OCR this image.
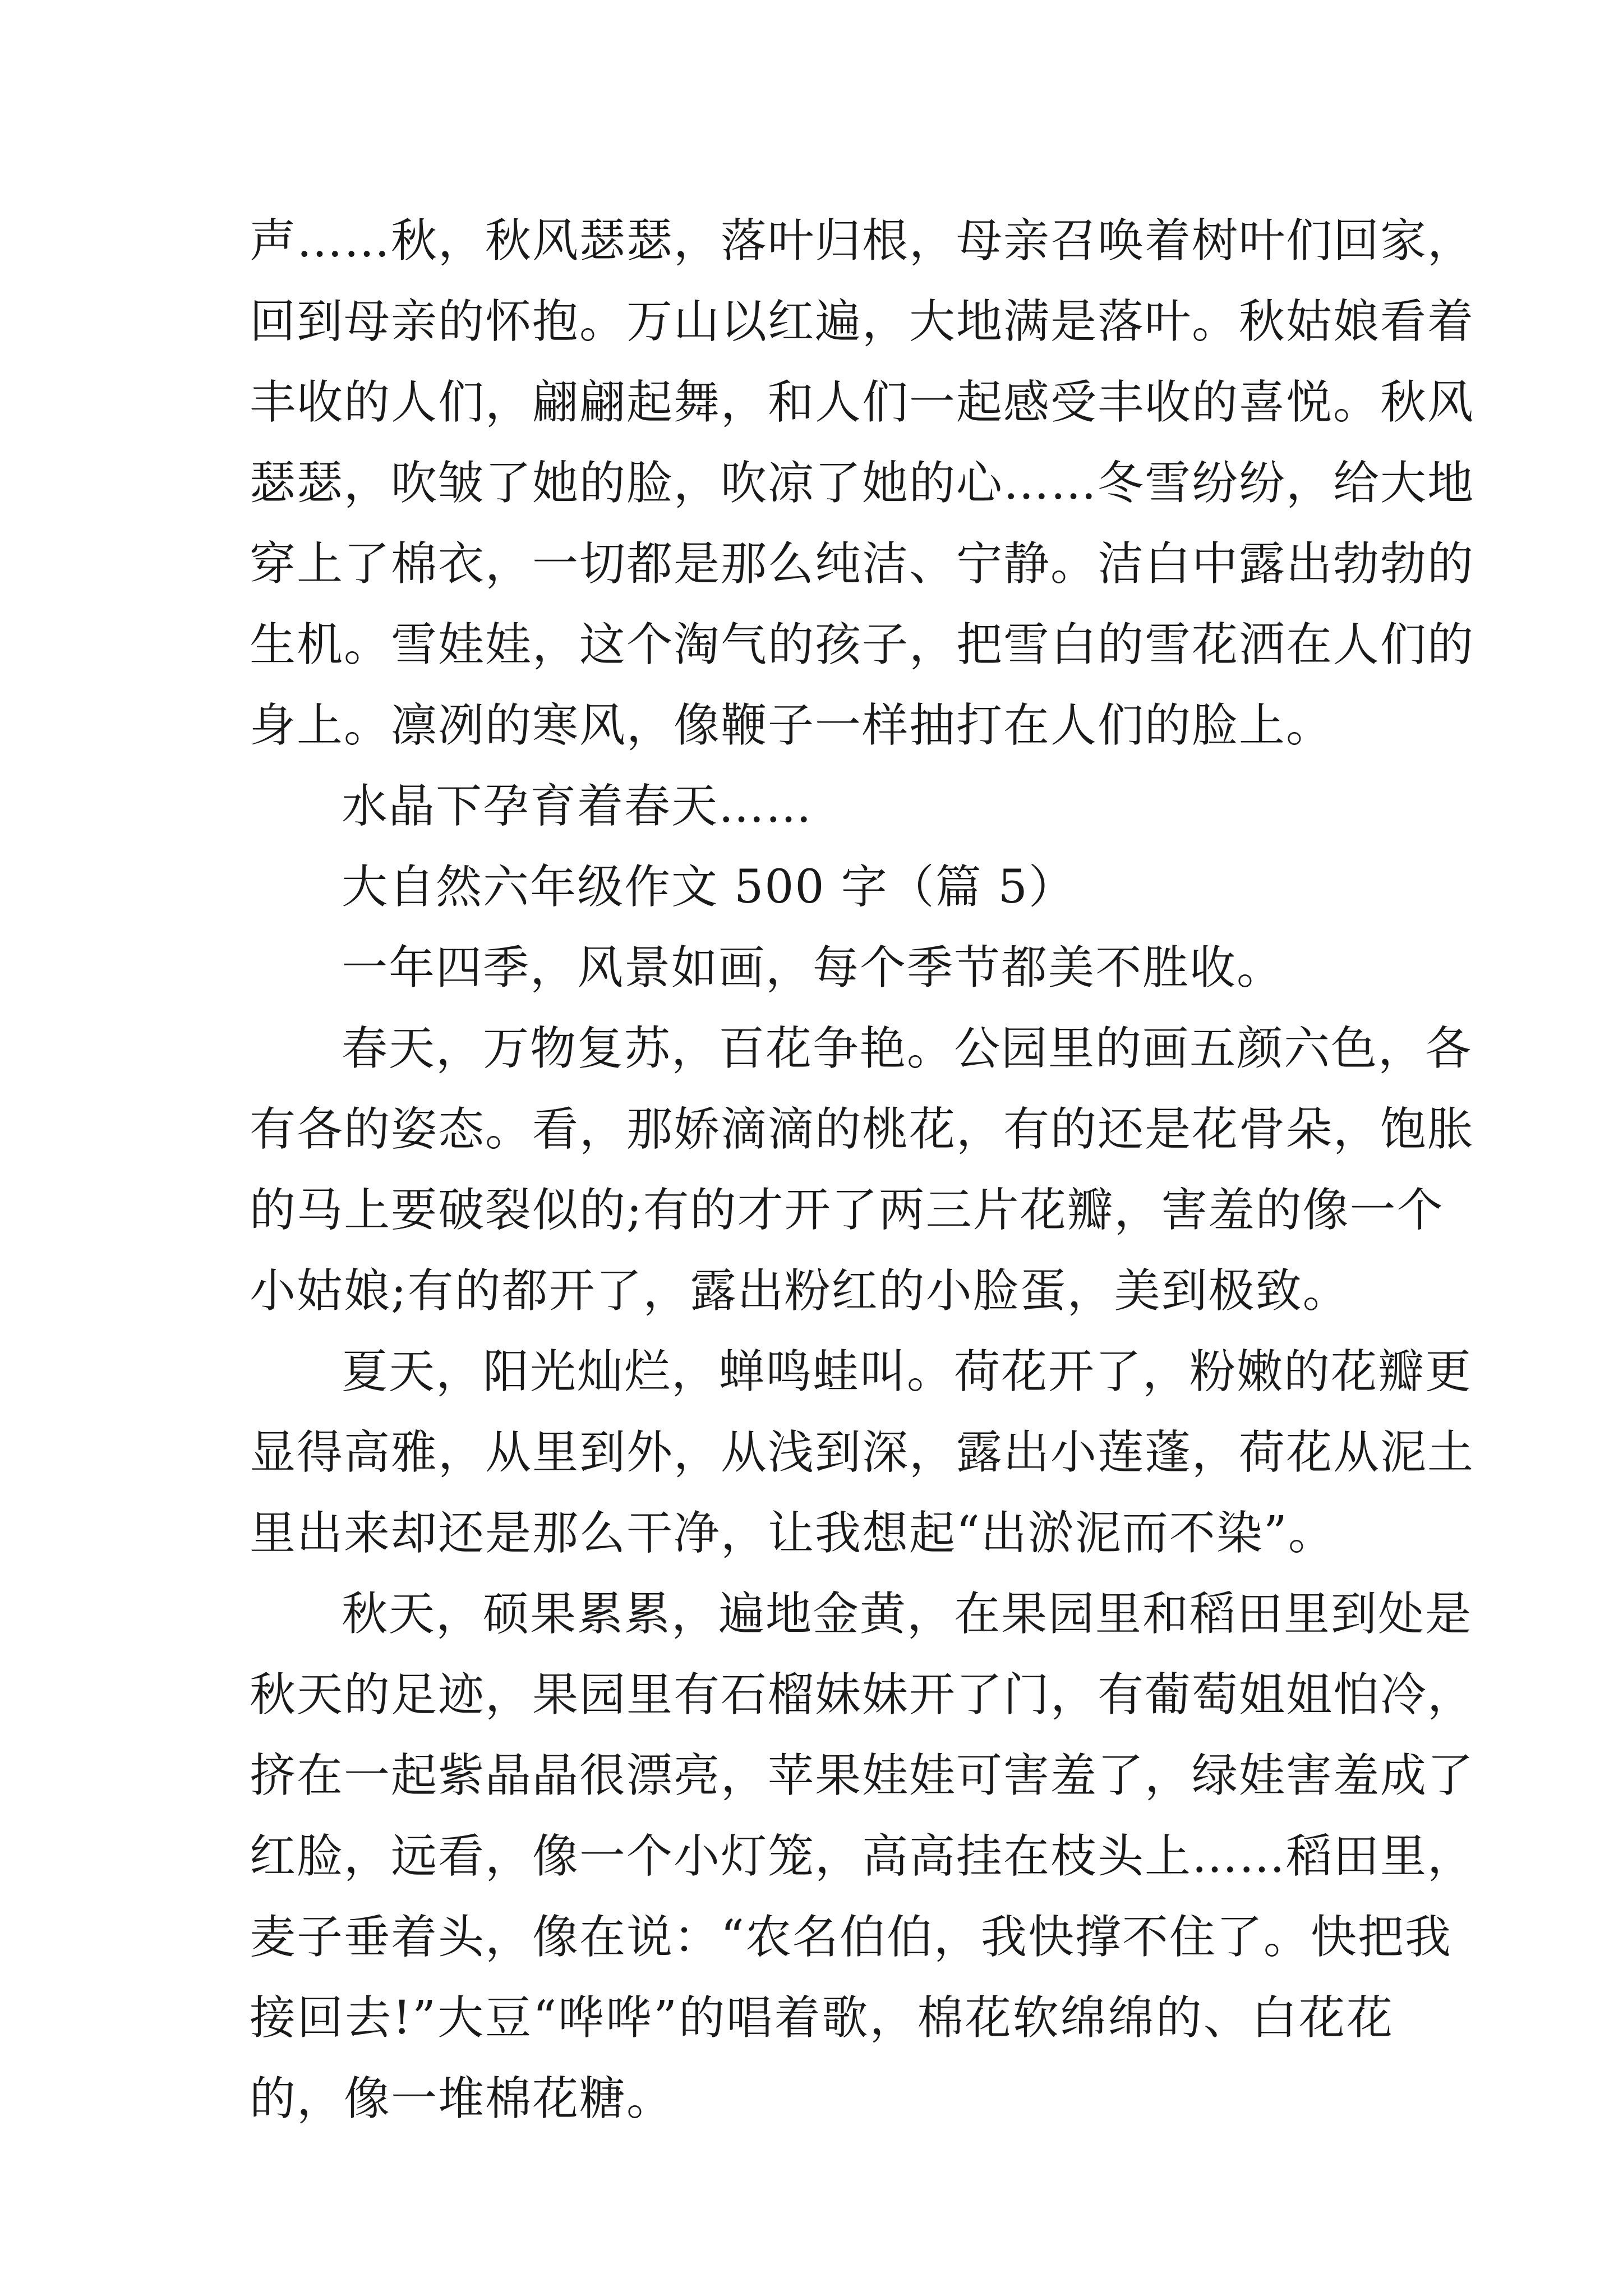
声……秋，秋风瑟瑟，落叶归根，母亲召唤着树叶们回家，
回到母亲的怀抱。万山以红遍，大地满是落叶。秋姑娘看着
丰收的人们，翩翩起舞，和人们一起感受丰收的喜悦。秋风
瑟瑟，吹皱了她的脸，吹凉了她的心……冬雪纷纷，给大地
穿上了棉衣，一切都是那么纯洁、宁静。洁白中露出勃勃的
生机。雪娃娃，这个淘气的孩子，把雪白的雪花洒在人们的
身上。凛冽的寒风，像鞭子一样抽打在人们的脸上。
水晶下孕育着春天……
大自然六年级作文 500 字（篇 5）
一年四季，风景如画，每个季节都美不胜收。
春天，万物复苏，百花争艳。公园里的画五颜六色，各
有各的姿态。看，那娇滴滴的桃花，有的还是花骨朵，饱胀
的马上要破裂似的;有的才开了两三片花瓣，害羞的像一个
小姑娘;有的都开了，露出粉红的小脸蛋，美到极致。
夏天，阳光灿烂，蝉鸣蛙叫。荷花开了，粉嫩的花瓣更
显得高雅，从里到外，从浅到深，露出小莲蓬，荷花从泥土
里出来却还是那么干净，让我想起“出淤泥而不染”。
秋天，硕果累累，遍地金黄，在果园里和稻田里到处是
秋天的足迹，果园里有石榴妹妹开了门，有葡萄姐姐怕冷，
挤在一起紫晶晶很漂亮，苹果娃娃可害羞了，绿娃害羞成了
红脸，远看，像一个小灯笼，高高挂在枝头上……稻田里，
麦子垂着头，像在说：“农名伯伯，我快撑不住了。快把我
接回去!”大豆“哗哗”的唱着歌，棉花软绵绵的、白花花
的，像一堆棉花糖。
